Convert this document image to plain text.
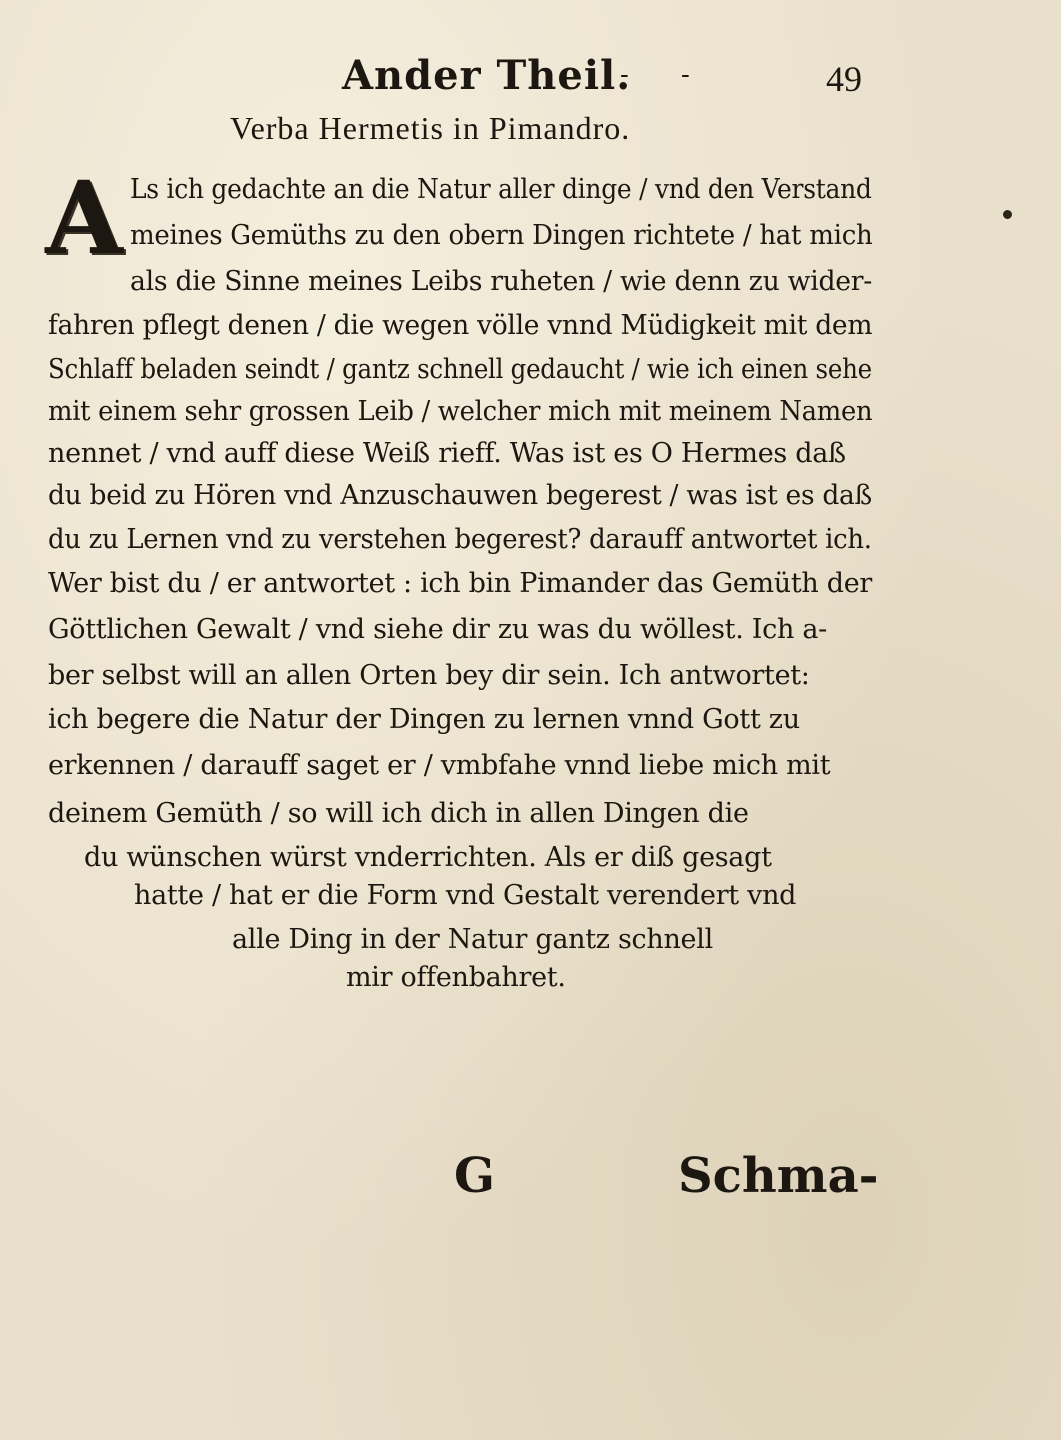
Ander Theil.
- -	49
Verba Hermetis in Pimandro.
A Ls ich gedachte an die Natur aller dinge / vnd den Verstand
meines Gemüths zu den obern Dingen richtete / hat mich
als die Sinne meines Leibs ruheten / wie denn zu wider-
fahren pflegt denen / die wegen völle vnnd Müdigkeit mit dem
Schlaff beladen seindt / gantz schnell gedaucht / wie ich einen sehe
mit einem sehr grossen Leib / welcher mich mit meinem Namen
nennet / vnd auff diese Weiß rieff. Was ist es O Hermes daß
du beid zu Hören vnd Anzuschauwen begerest / was ist es daß
du zu Lernen vnd zu verstehen begerest? darauff antwortet ich.
Wer bist du / er antwortet : ich bin Pimander das Gemüth der
Göttlichen Gewalt / vnd siehe dir zu was du wöllest. Ich a-
ber selbst will an allen Orten bey dir sein. Ich antwortet:
ich begere die Natur der Dingen zu lernen vnnd Gott zu
erkennen / darauff saget er / vmbfahe vnnd liebe mich mit
deinem Gemüth / so will ich dich in allen Dingen die
du wünschen würst vnderrichten. Als er diß gesagt
hatte / hat er die Form vnd Gestalt verendert vnd
alle Ding in der Natur gantz schnell
mir offenbahret.
G	Schma-
